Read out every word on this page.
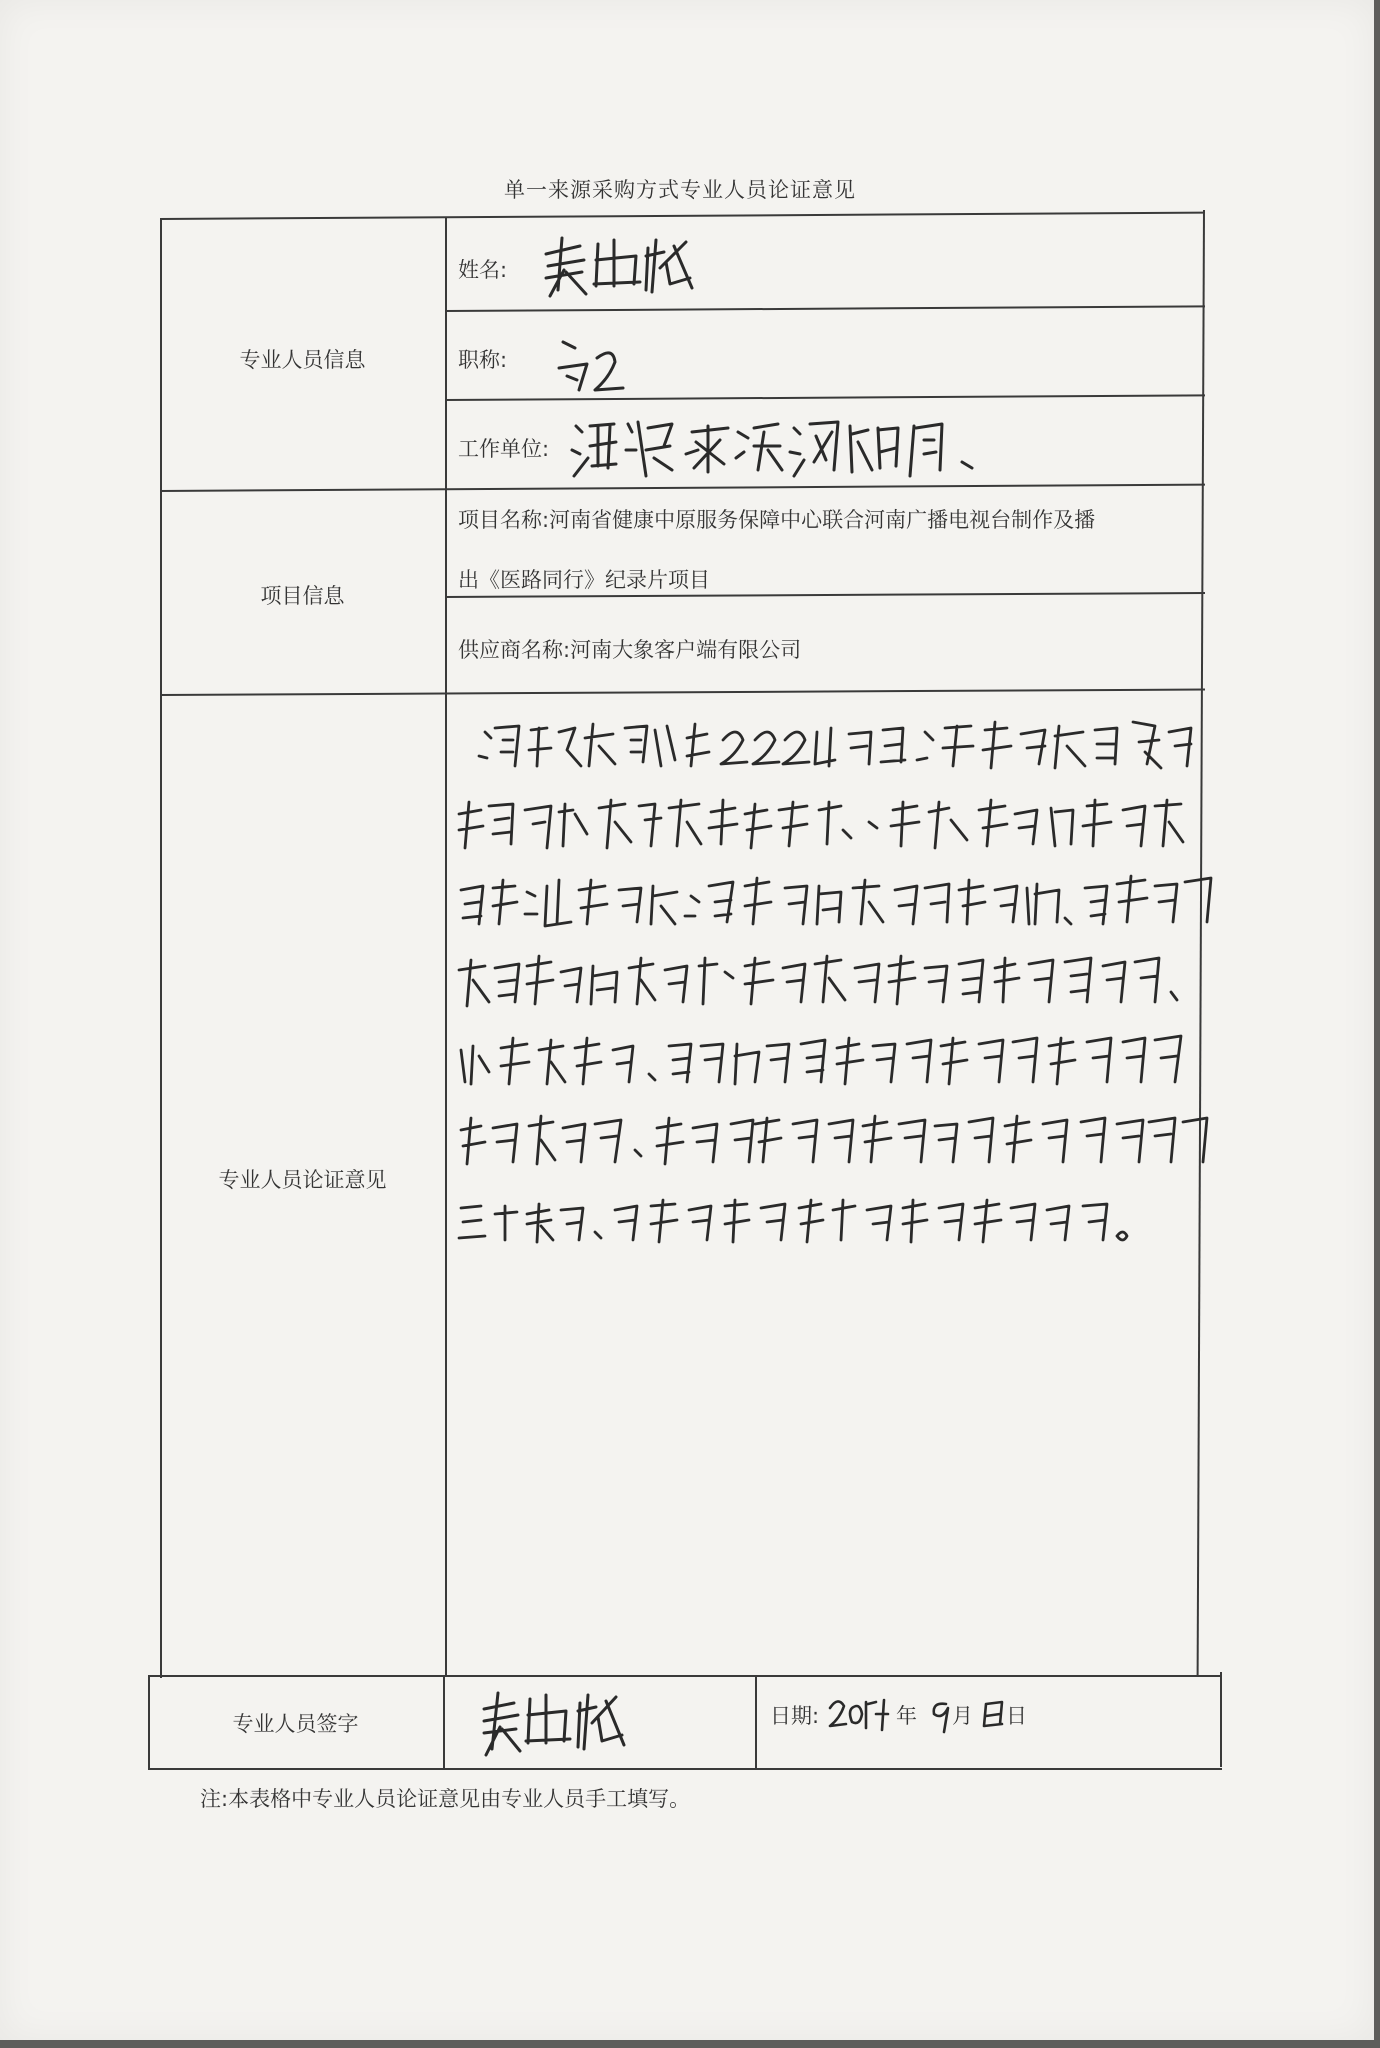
单一来源采购方式专业人员论证意见
专业人员信息
项目信息
专业人员论证意见
专业人员签字
姓名:
职称:
工作单位:
项目名称:河南省健康中原服务保障中心联合河南广播电视台制作及播
出《医路同行》纪录片项目
供应商名称:河南大象客户端有限公司
日期:	年 月 日
注:本表格中专业人员论证意见由专业人员手工填写。
